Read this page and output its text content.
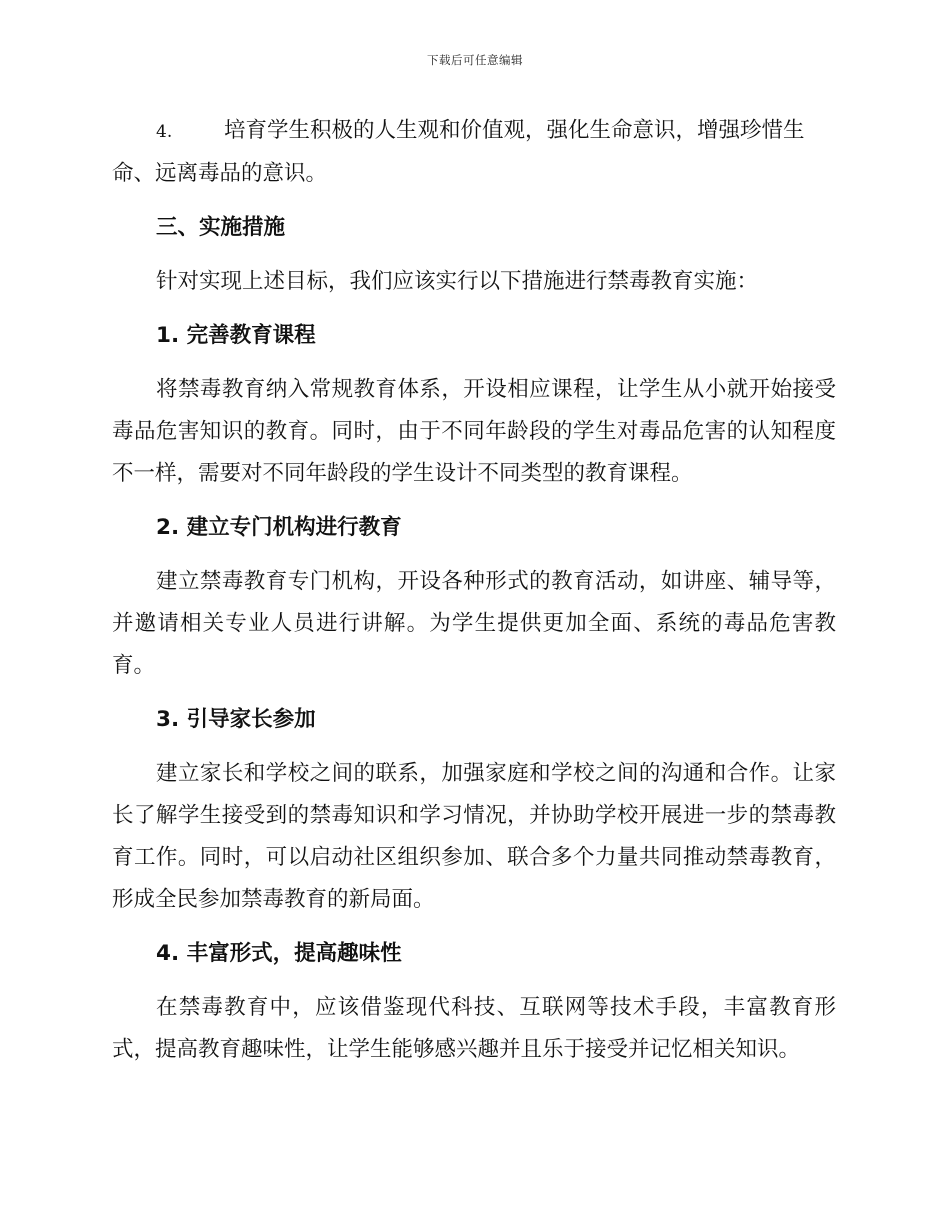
下载后可任意编辑

4. 培育学生积极的人生观和价值观，强化生命意识，增强珍惜生命、远离毒品的意识。

三、实施措施

针对实现上述目标，我们应该实行以下措施进行禁毒教育实施：

1. 完善教育课程

将禁毒教育纳入常规教育体系，开设相应课程，让学生从小就开始接受毒品危害知识的教育。同时，由于不同年龄段的学生对毒品危害的认知程度不一样，需要对不同年龄段的学生设计不同类型的教育课程。

2. 建立专门机构进行教育

建立禁毒教育专门机构，开设各种形式的教育活动，如讲座、辅导等，并邀请相关专业人员进行讲解。为学生提供更加全面、系统的毒品危害教育。

3. 引导家长参加

建立家长和学校之间的联系，加强家庭和学校之间的沟通和合作。让家长了解学生接受到的禁毒知识和学习情况，并协助学校开展进一步的禁毒教育工作。同时，可以启动社区组织参加、联合多个力量共同推动禁毒教育，形成全民参加禁毒教育的新局面。

4. 丰富形式，提高趣味性

在禁毒教育中，应该借鉴现代科技、互联网等技术手段，丰富教育形式，提高教育趣味性，让学生能够感兴趣并且乐于接受并记忆相关知识。
